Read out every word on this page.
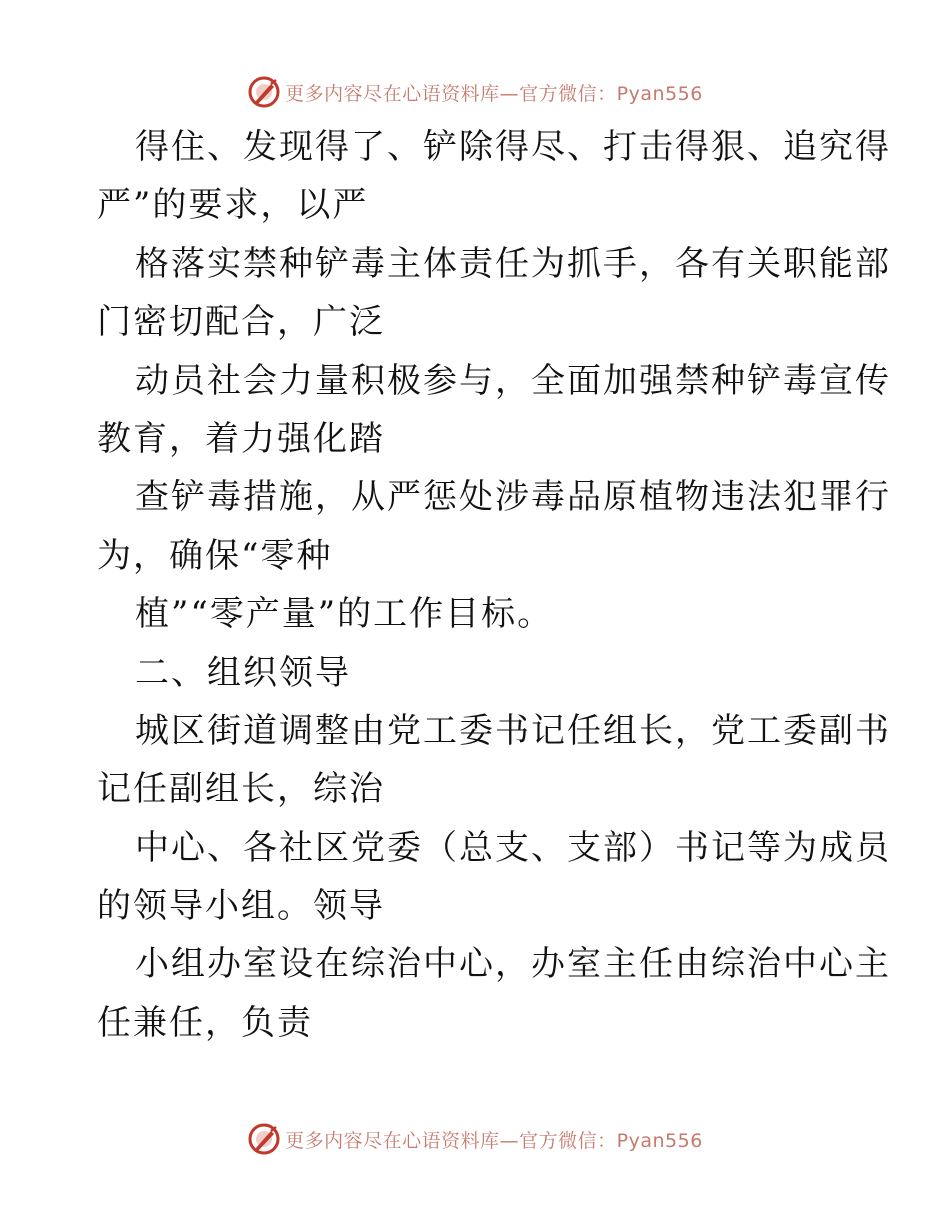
更多内容尽在心语资料库—官方微信：Pyan556
得住、发现得了、铲除得尽、打击得狠、追究得
严”的要求，以严
格落实禁种铲毒主体责任为抓手，各有关职能部
门密切配合，广泛
动员社会力量积极参与，全面加强禁种铲毒宣传
教育，着力强化踏
查铲毒措施，从严惩处涉毒品原植物违法犯罪行
为，确保“零种
植”“零产量”的工作目标。
二、组织领导
城区街道调整由党工委书记任组长，党工委副书
记任副组长，综治
中心、各社区党委（总支、支部）书记等为成员
的领导小组。领导
小组办室设在综治中心，办室主任由综治中心主
任兼任，负责
更多内容尽在心语资料库—官方微信：Pyan556
